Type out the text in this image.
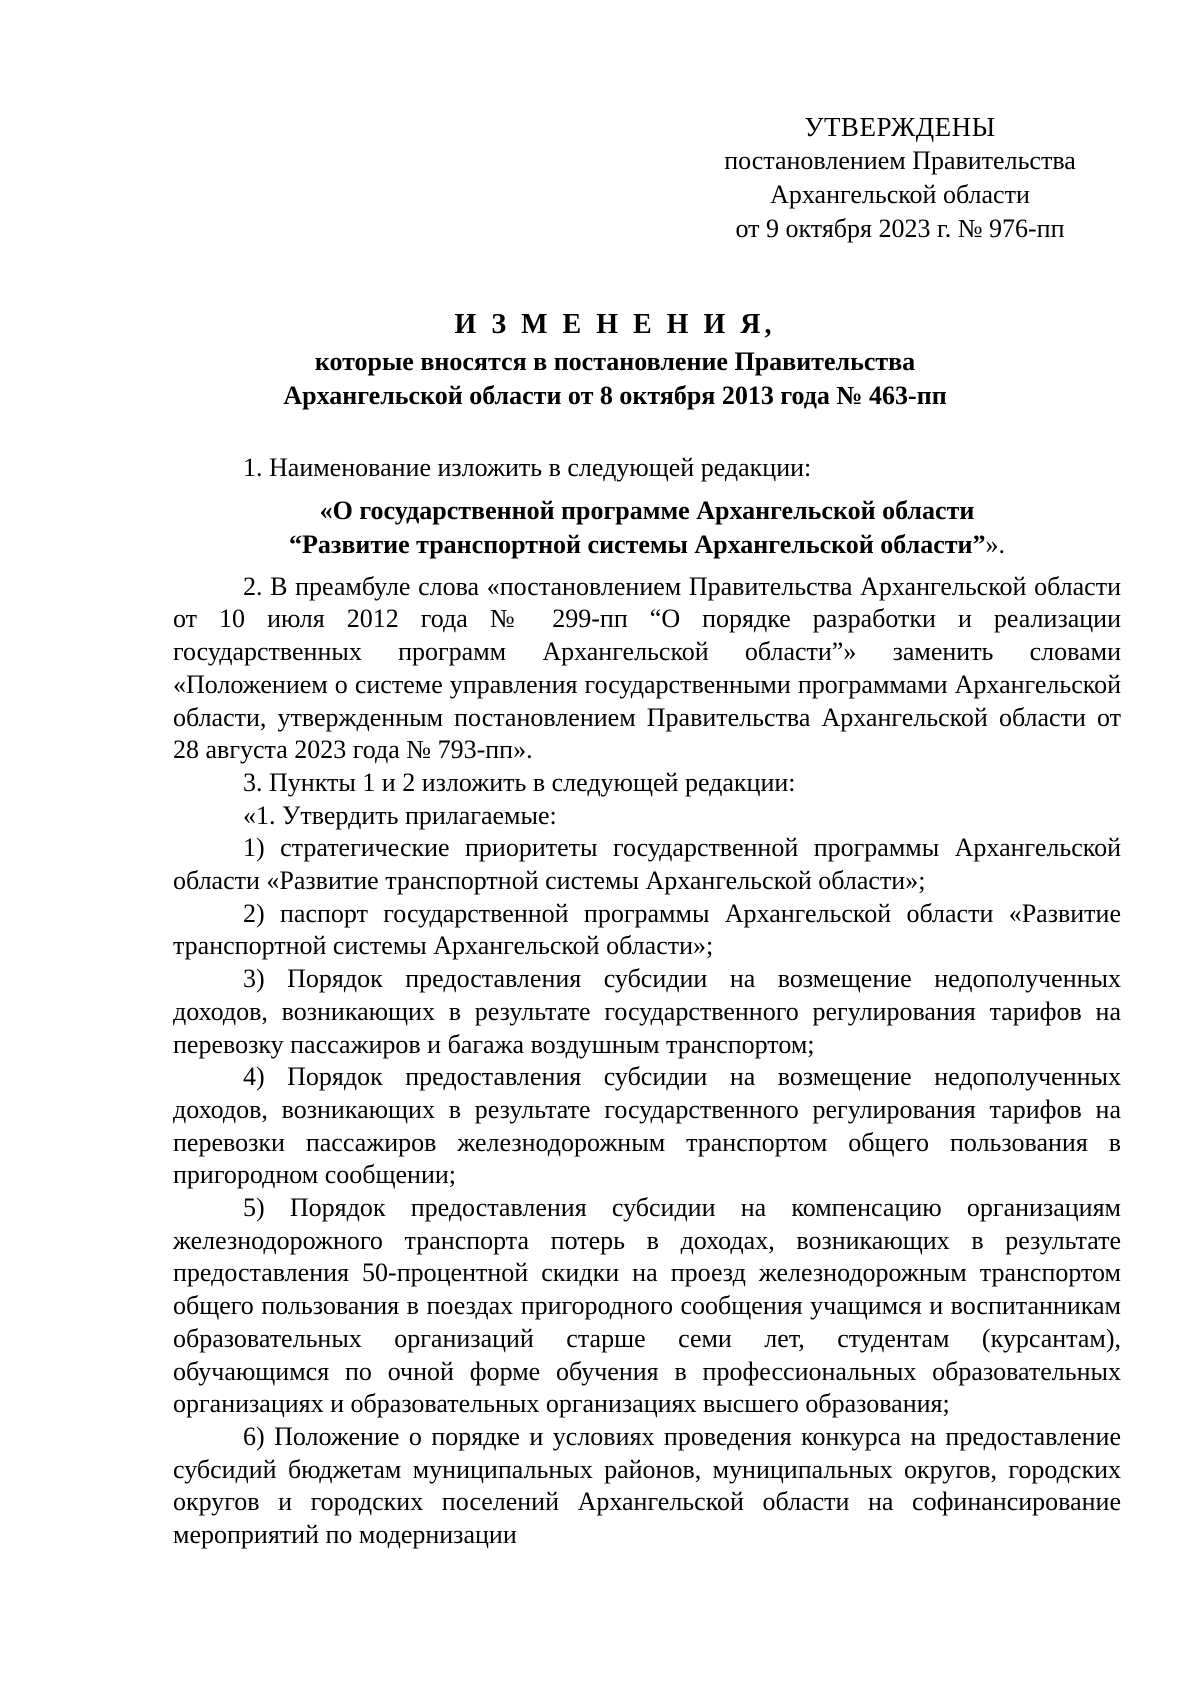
УТВЕРЖДЕНЫ
постановлением Правительства
Архангельской области
от 9 октября 2023 г. № 976-пп
И З М Е Н Е Н И Я,
которые вносятся в постановление Правительства
Архангельской области от 8 октября 2013 года № 463-пп

1. Наименование изложить в следующей редакции:

«О государственной программе Архангельской области
“Развитие транспортной системы Архангельской области”».

2. В преамбуле слова «постановлением Правительства Архангельской области от 10 июля 2012 года № 299-пп “О порядке разработки и реализации государственных программ Архангельской области”» заменить словами «Положением о системе управления государственными программами Архангельской области, утвержденным постановлением Правительства Архангельской области от 28 августа 2023 года № 793-пп».

3. Пункты 1 и 2 изложить в следующей редакции:

«1. Утвердить прилагаемые:

1) стратегические приоритеты государственной программы Архангельской области «Развитие транспортной системы Архангельской области»;

2) паспорт государственной программы Архангельской области «Развитие транспортной системы Архангельской области»;

3) Порядок предоставления субсидии на возмещение недополученных доходов, возникающих в результате государственного регулирования тарифов на перевозку пассажиров и багажа воздушным транспортом;

4) Порядок предоставления субсидии на возмещение недополученных доходов, возникающих в результате государственного регулирования тарифов на перевозки пассажиров железнодорожным транспортом общего пользования в пригородном сообщении;

5) Порядок предоставления субсидии на компенсацию организациям железнодорожного транспорта потерь в доходах, возникающих в результате предоставления 50-процентной скидки на проезд железнодорожным транспортом общего пользования в поездах пригородного сообщения учащимся и воспитанникам образовательных организаций старше семи лет, студентам (курсантам), обучающимся по очной форме обучения в профессиональных образовательных организациях и образовательных организациях высшего образования;

6) Положение о порядке и условиях проведения конкурса на предоставление субсидий бюджетам муниципальных районов, муниципальных округов, городских округов и городских поселений Архангельской области на софинансирование мероприятий по модернизации
